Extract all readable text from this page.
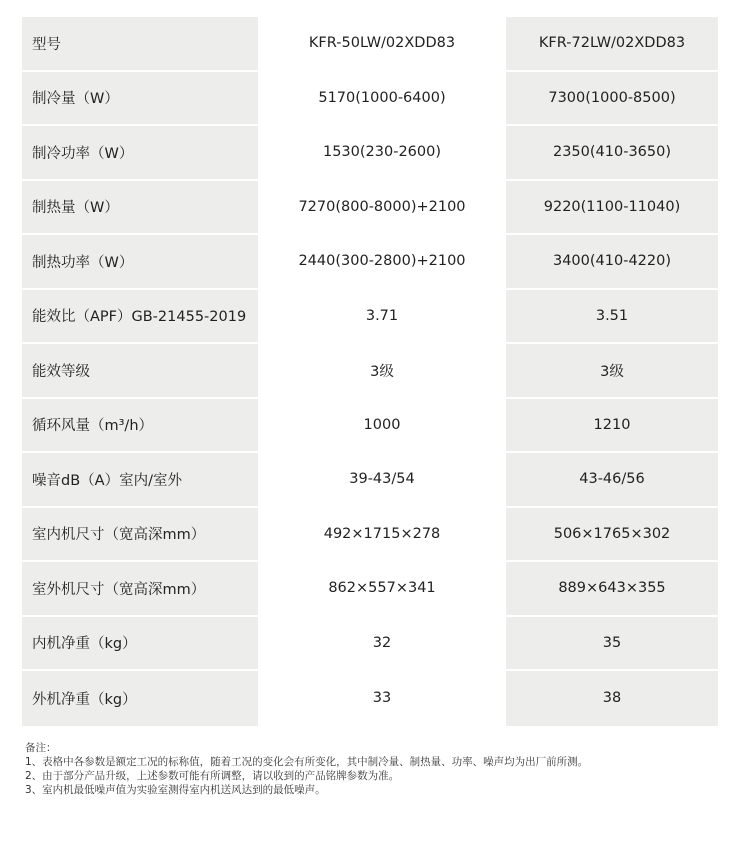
型号	KFR-50LW/02XDD83	KFR-72LW/02XDD83
制冷量（W）	5170(1000-6400)	7300(1000-8500)
制冷功率（W）	1530(230-2600)	2350(410-3650)
制热量（W）	7270(800-8000)+2100	9220(1100-11040)
制热功率（W）	2440(300-2800)+2100	3400(410-4220)
能效比（APF）GB-21455-2019	3.71	3.51
能效等级	3级	3级
循环风量（m³/h）	1000	1210
噪音dB（A）室内/室外	39-43/54	43-46/56
室内机尺寸（宽高深mm）	492×1715×278	506×1765×302
室外机尺寸（宽高深mm）	862×557×341	889×643×355
内机净重（kg）	32	35
外机净重（kg）	33	38
备注：
1、表格中各参数是额定工况的标称值，随着工况的变化会有所变化，其中制冷量、制热量、功率、噪声均为出厂前所测。
2、由于部分产品升级，上述参数可能有所调整，请以收到的产品铭牌参数为准。
3、室内机最低噪声值为实验室测得室内机送风达到的最低噪声。
